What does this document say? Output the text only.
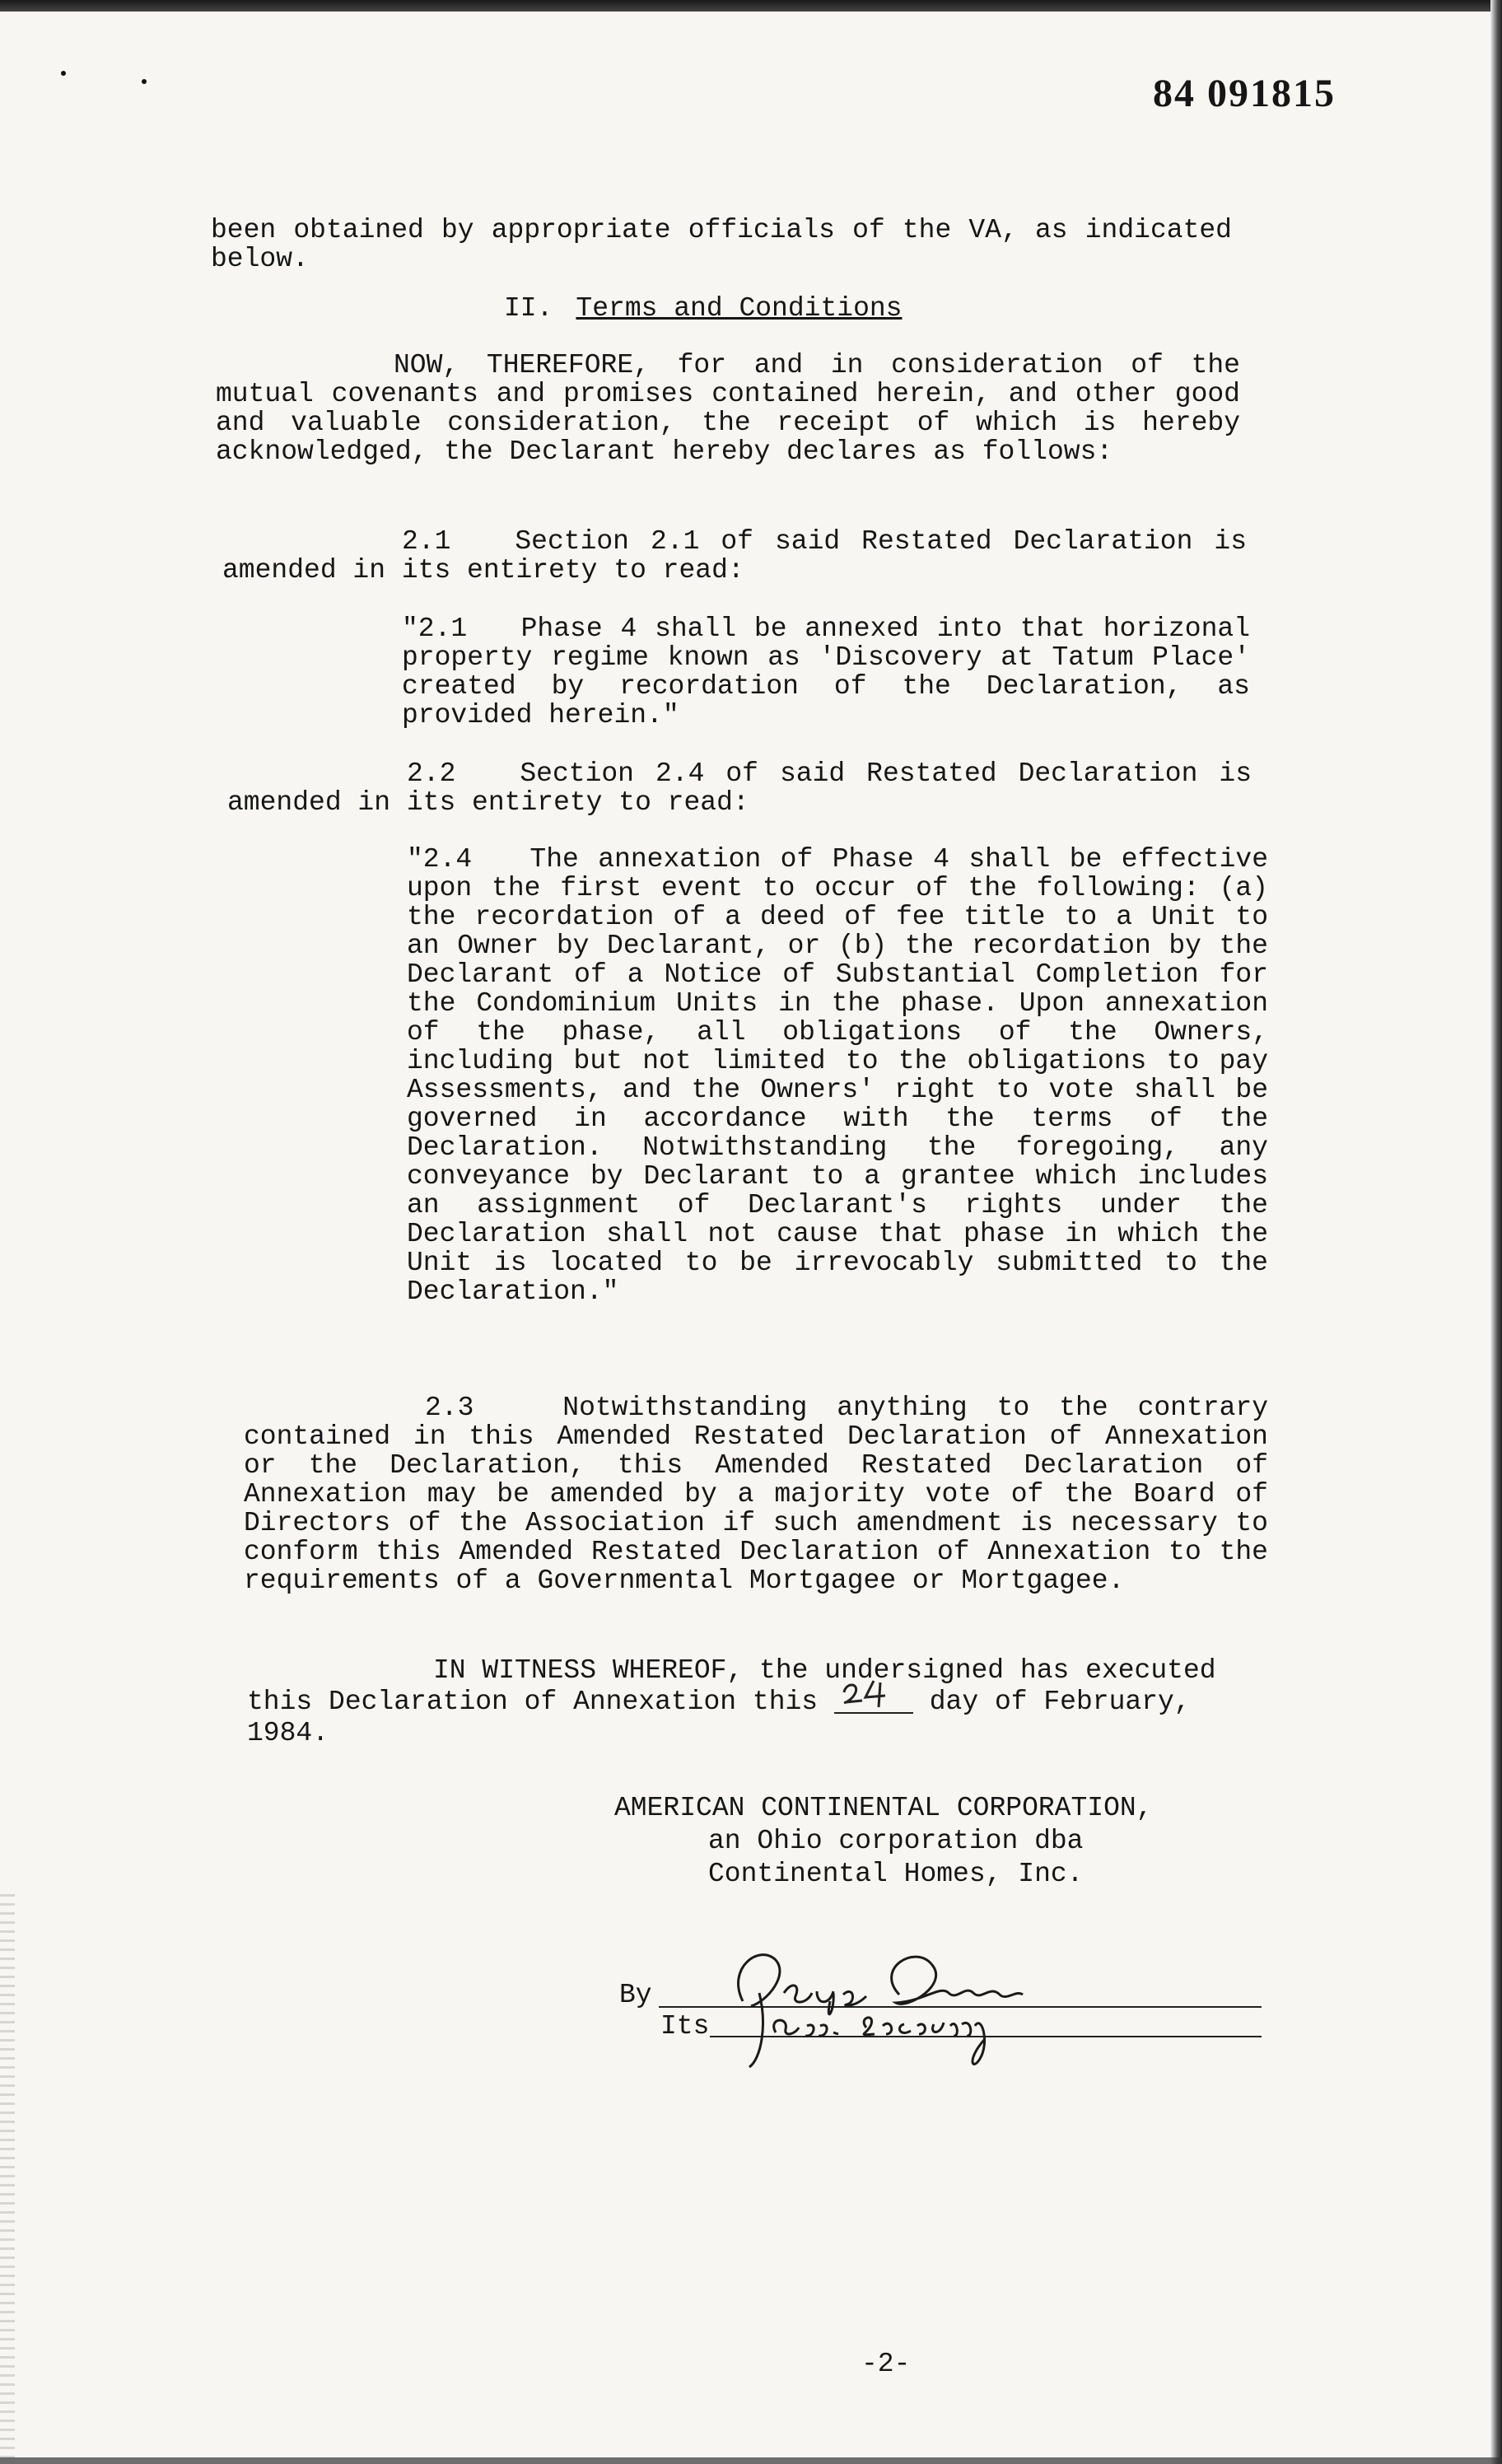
84 091815

been obtained by appropriate officials of the VA, as indicated below.

II. Terms and Conditions

NOW, THEREFORE, for and in consideration of the mutual covenants and promises contained herein, and other good and valuable consideration, the receipt of which is hereby acknowledged, the Declarant hereby declares as follows:

2.1   Section 2.1 of said Restated Declaration is amended in its entirety to read:

"2.1   Phase 4 shall be annexed into that horizonal property regime known as 'Discovery at Tatum Place' created by recordation of the Declaration, as provided herein."

2.2   Section 2.4 of said Restated Declaration is amended in its entirety to read:

"2.4   The annexation of Phase 4 shall be effective upon the first event to occur of the following: (a) the recordation of a deed of fee title to a Unit to an Owner by Declarant, or (b) the recordation by the Declarant of a Notice of Substantial Completion for the Condominium Units in the phase. Upon annexation of the phase, all obligations of the Owners, including but not limited to the obligations to pay Assessments, and the Owners' right to vote shall be governed in accordance with the terms of the Declaration. Notwithstanding the foregoing, any conveyance by Declarant to a grantee which includes an assignment of Declarant's rights under the Declaration shall not cause that phase in which the Unit is located to be irrevocably submitted to the Declaration."

2.3   Notwithstanding anything to the contrary contained in this Amended Restated Declaration of Annexation or the Declaration, this Amended Restated Declaration of Annexation may be amended by a majority vote of the Board of Directors of the Association if such amendment is necessary to conform this Amended Restated Declaration of Annexation to the requirements of a Governmental Mortgagee or Mortgagee.

IN WITNESS WHEREOF, the undersigned has executed this Declaration of Annexation this	day of February, 1984.
AMERICAN CONTINENTAL CORPORATION,
an Ohio corporation dba
Continental Homes, Inc.
By
Its
-2-
